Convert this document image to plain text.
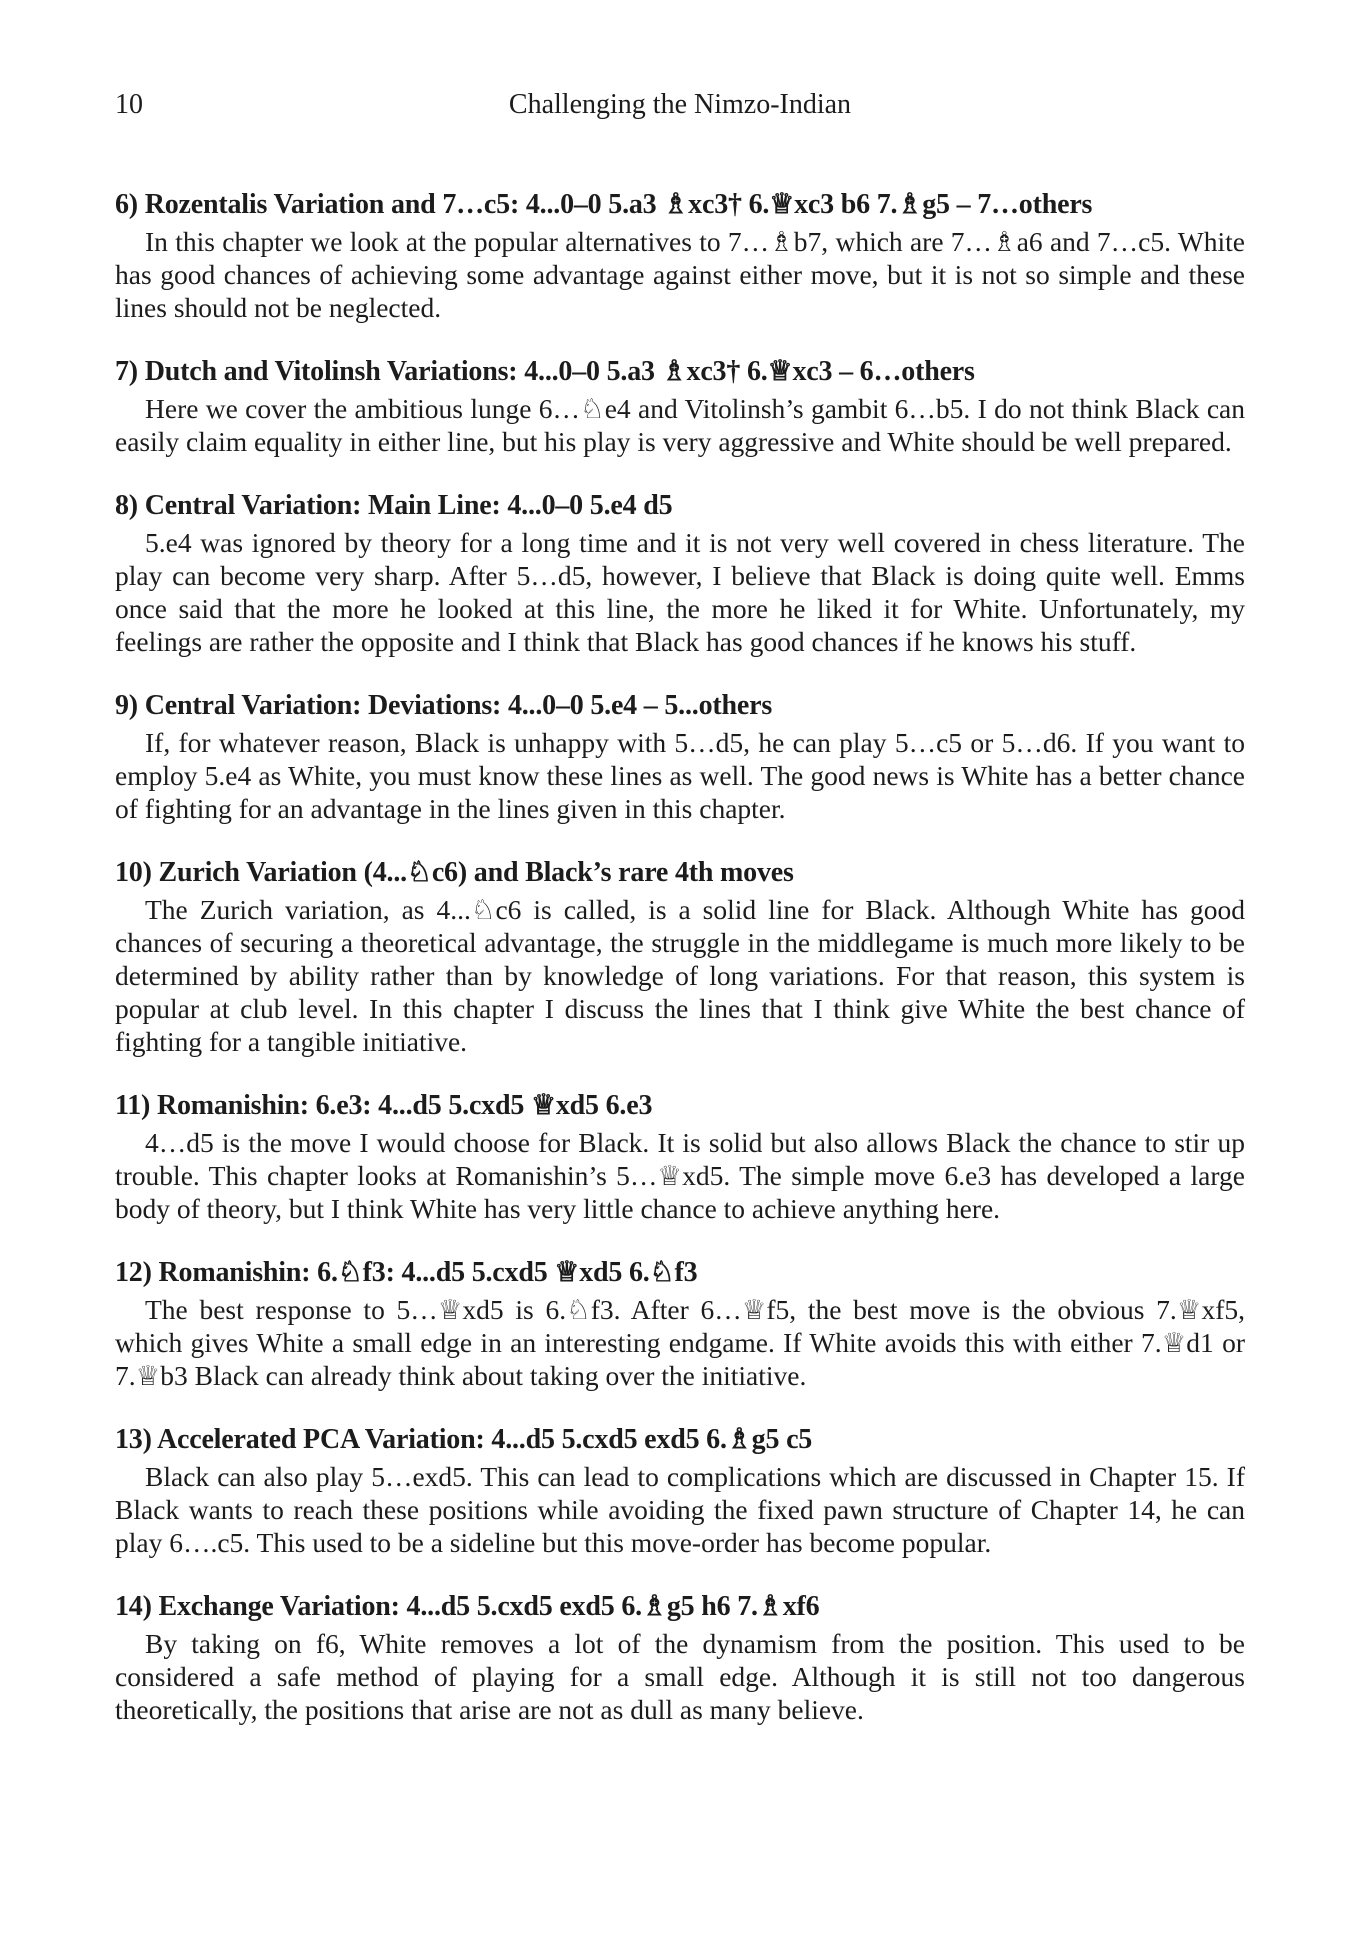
10	Challenging the Nimzo-Indian
6) Rozentalis Variation and 7…c5: 4...0–0 5.a3 ♗xc3† 6.♕xc3 b6 7.♗g5 – 7…others

In this chapter we look at the popular alternatives to 7…♗b7, which are 7…♗a6 and 7…c5. White has good chances of achieving some advantage against either move, but it is not so simple and these lines should not be neglected.

7) Dutch and Vitolinsh Variations: 4...0–0 5.a3 ♗xc3† 6.♕xc3 – 6…others

Here we cover the ambitious lunge 6…♘e4 and Vitolinsh’s gambit 6…b5. I do not think Black can easily claim equality in either line, but his play is very aggressive and White should be well prepared.

8) Central Variation: Main Line: 4...0–0 5.e4 d5

5.e4 was ignored by theory for a long time and it is not very well covered in chess literature. The play can become very sharp. After 5…d5, however, I believe that Black is doing quite well. Emms once said that the more he looked at this line, the more he liked it for White. Unfortunately, my feelings are rather the opposite and I think that Black has good chances if he knows his stuff.

9) Central Variation: Deviations: 4...0–0 5.e4 – 5...others

If, for whatever reason, Black is unhappy with 5…d5, he can play 5…c5 or 5…d6. If you want to employ 5.e4 as White, you must know these lines as well. The good news is White has a better chance of fighting for an advantage in the lines given in this chapter.

10) Zurich Variation (4...♘c6) and Black’s rare 4th moves

The Zurich variation, as 4...♘c6 is called, is a solid line for Black. Although White has good chances of securing a theoretical advantage, the struggle in the middlegame is much more likely to be determined by ability rather than by knowledge of long variations. For that reason, this system is popular at club level. In this chapter I discuss the lines that I think give White the best chance of fighting for a tangible initiative.

11) Romanishin: 6.e3: 4...d5 5.cxd5 ♕xd5 6.e3

4…d5 is the move I would choose for Black. It is solid but also allows Black the chance to stir up trouble. This chapter looks at Romanishin’s 5…♕xd5. The simple move 6.e3 has developed a large body of theory, but I think White has very little chance to achieve anything here.

12) Romanishin: 6.♘f3: 4...d5 5.cxd5 ♕xd5 6.♘f3

The best response to 5…♕xd5 is 6.♘f3. After 6…♕f5, the best move is the obvious 7.♕xf5, which gives White a small edge in an interesting endgame. If White avoids this with either 7.♕d1 or 7.♕b3 Black can already think about taking over the initiative.

13) Accelerated PCA Variation: 4...d5 5.cxd5 exd5 6.♗g5 c5

Black can also play 5…exd5. This can lead to complications which are discussed in Chapter 15. If Black wants to reach these positions while avoiding the fixed pawn structure of Chapter 14, he can play 6….c5. This used to be a sideline but this move-order has become popular.

14) Exchange Variation: 4...d5 5.cxd5 exd5 6.♗g5 h6 7.♗xf6

By taking on f6, White removes a lot of the dynamism from the position. This used to be considered a safe method of playing for a small edge. Although it is still not too dangerous theoretically, the positions that arise are not as dull as many believe.
